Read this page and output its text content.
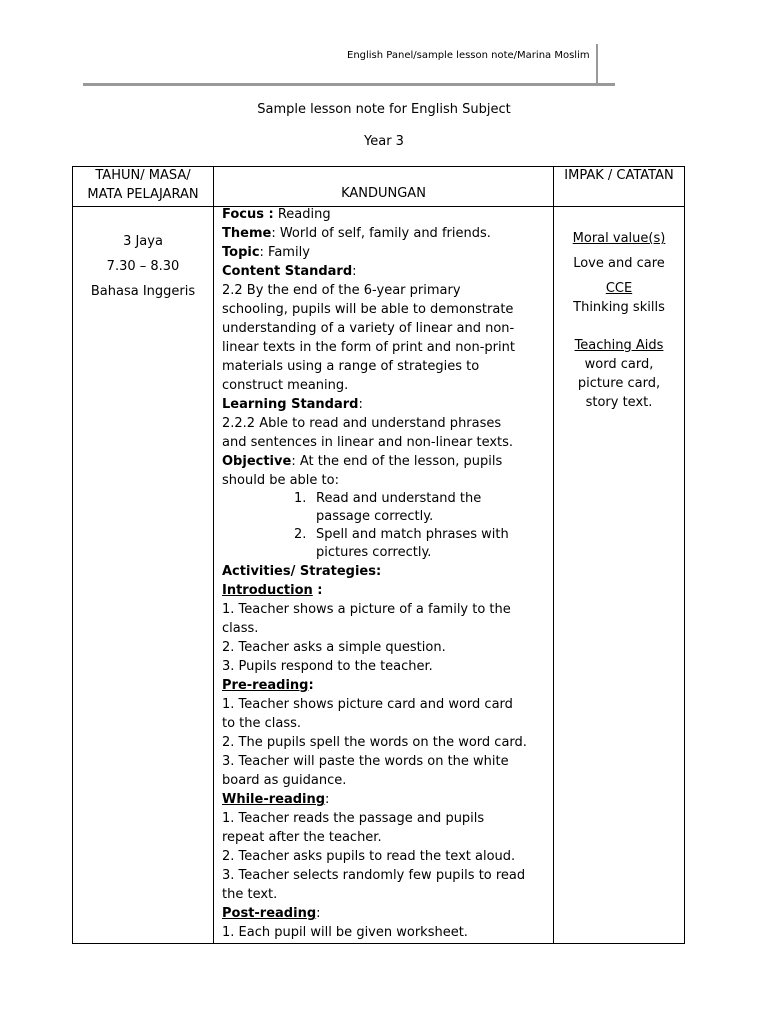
English Panel/sample lesson note/Marina Moslim
Sample lesson note for English Subject
Year 3
TAHUN/ MASA/
MATA PELAJARAN	KANDUNGAN
IMPAK / CATATAN
3 Jaya
7.30 – 8.30
Bahasa Inggeris
Moral value(s)
Love and care
CCE
Thinking skills
Teaching Aids
word card,
picture card,
story text.
Focus : Reading
Theme: World of self, family and friends.
Topic: Family
Content Standard:
2.2 By the end of the 6-year primary
schooling, pupils will be able to demonstrate
understanding of a variety of linear and non-
linear texts in the form of print and non-print
materials using a range of strategies to
construct meaning.
Learning Standard:
2.2.2 Able to read and understand phrases
and sentences in linear and non-linear texts.
Objective: At the end of the lesson, pupils
should be able to:
1. Read and understand the
passage correctly.
2. Spell and match phrases with
pictures correctly.
Activities/ Strategies:
Introduction :
1. Teacher shows a picture of a family to the
class.
2. Teacher asks a simple question.
3. Pupils respond to the teacher.
Pre-reading:
1. Teacher shows picture card and word card
to the class.
2. The pupils spell the words on the word card.
3. Teacher will paste the words on the white
board as guidance.
While-reading:
1. Teacher reads the passage and pupils
repeat after the teacher.
2. Teacher asks pupils to read the text aloud.
3. Teacher selects randomly few pupils to read
the text.
Post-reading:
1. Each pupil will be given worksheet.
